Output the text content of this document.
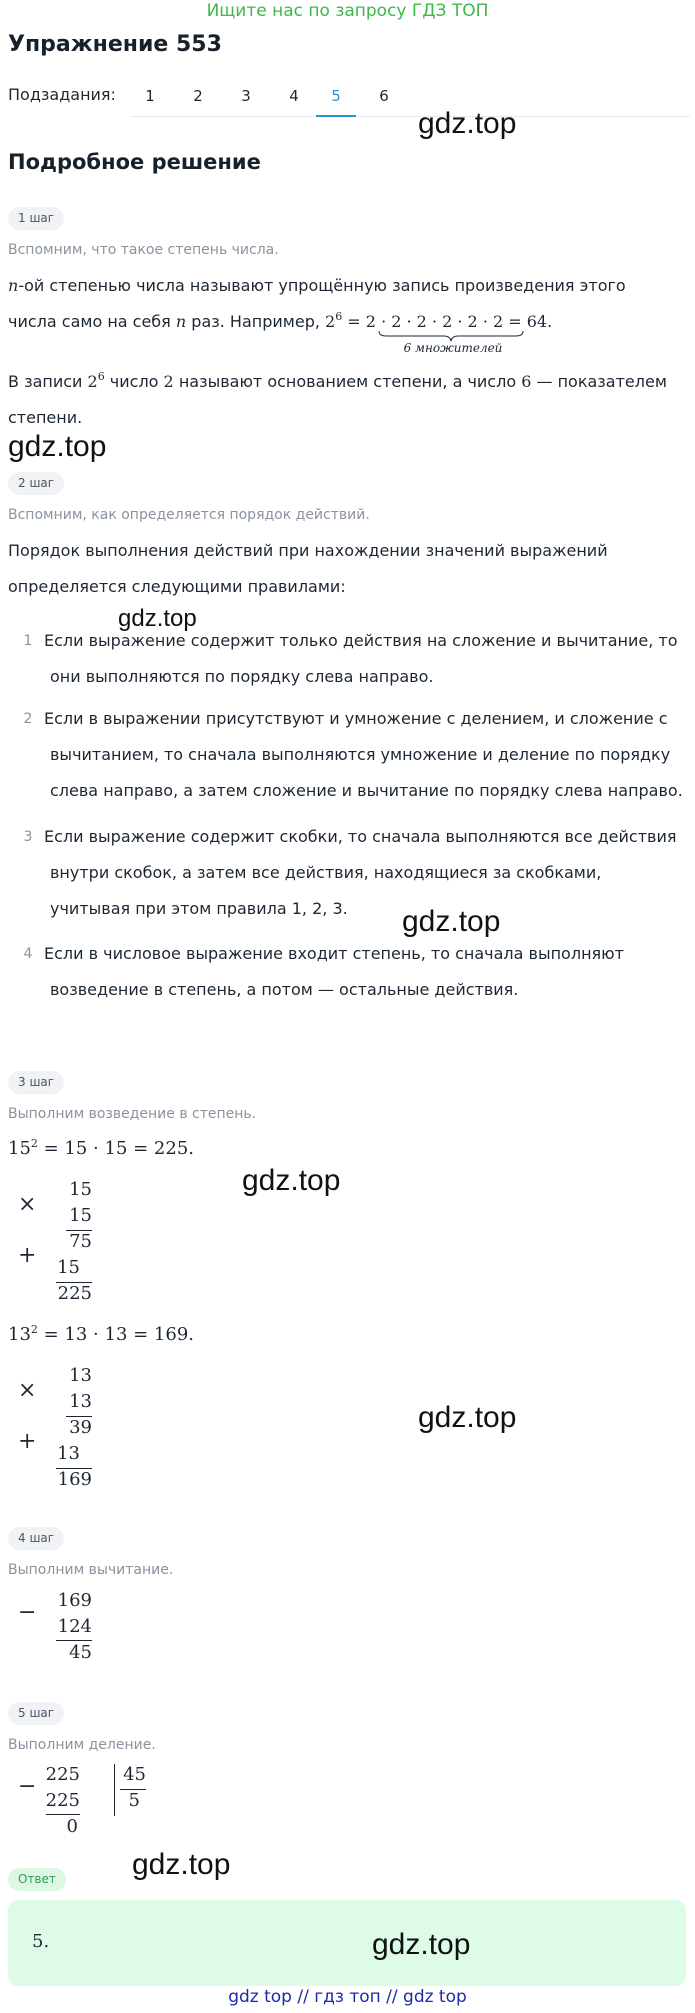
Ищите нас по запросу ГДЗ ТОП
Упражнение 553
Подзадания:	1	2	3	4	5	6
gdz.top
Подробное решение
1 шаг
Вспомним, что такое степень числа.
n-ой степенью числа называют упрощённую запись произведения этого
числа само на себя n раз. Например, $2^6 = 2 \cdot 2 \cdot 2 \cdot 2 \cdot 2 \cdot 2 = 64$.
6 множителей
В записи $2^6$ число 2 называют основанием степени, а число 6 — показателем
степени.
gdz.top
2 шаг
Вспомним, как определяется порядок действий.
Порядок выполнения действий при нахождении значений выражений
определяется следующими правилами:
gdz.top
1 Если выражение содержит только действия на сложение и вычитание, то
они выполняются по порядку слева направо.
2 Если в выражении присутствуют и умножение с делением, и сложение с
вычитанием, то сначала выполняются умножение и деление по порядку
слева направо, а затем сложение и вычитание по порядку слева направо.
3 Если выражение содержит скобки, то сначала выполняются все действия
внутри скобок, а затем все действия, находящиеся за скобками,
учитывая при этом правила 1, 2, 3. gdz.top
4 Если в числовое выражение входит степень, то сначала выполняют
возведение в степень, а потом — остальные действия.
3 шаг
Выполним возведение в степень.
$15^2 = 15 \cdot 15 = 225$.
gdz.top
×
15
15
75
+	15
225
$13^2 = 13 \cdot 13 = 169$.
×
13
13
39
+	13
169
gdz.top
4 шаг
Выполним вычитание.
−	169
124
45
5 шаг
Выполним деление.
− 225
225
0
45
5
gdz.top
Ответ
5.	gdz.top
gdz top // гдз топ // gdz top
